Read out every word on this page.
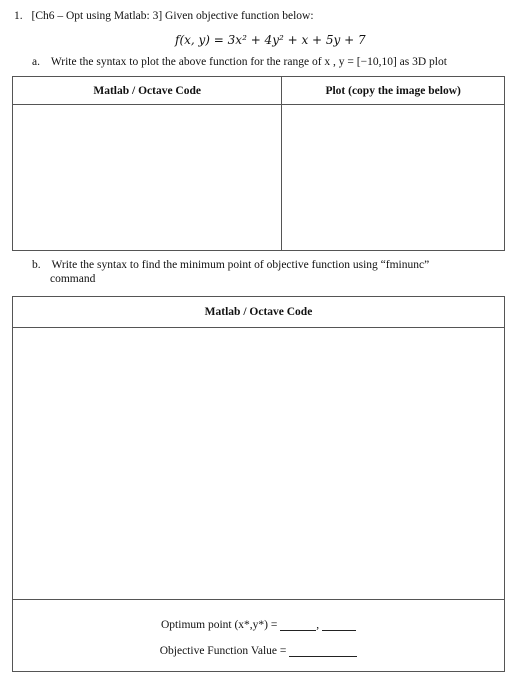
1. [Ch6 – Opt using Matlab: 3] Given objective function below:
f(x, y) = 3x² + 4y² + x + 5y + 7
a. Write the syntax to plot the above function for the range of x , y = [−10,10] as 3D plot
Matlab / Octave Code	Plot (copy the image below)

b. Write the syntax to find the minimum point of objective function using “fminunc”
command
Matlab / Octave Code

Optimum point (x*,y*) =	,
Objective Function Value =
